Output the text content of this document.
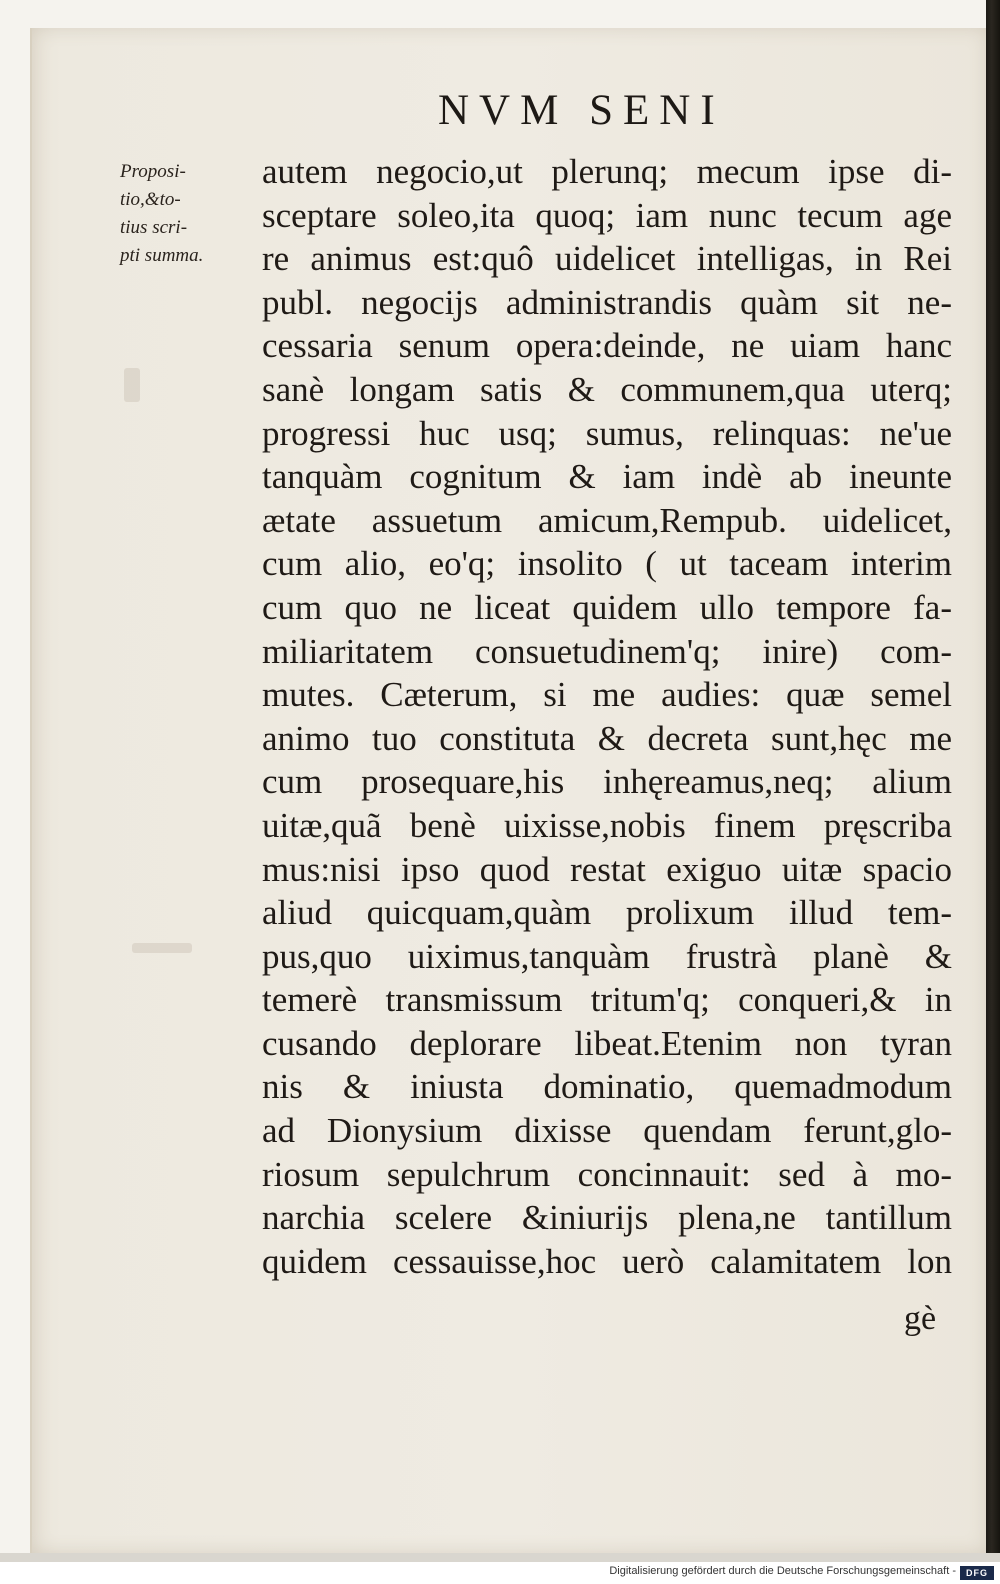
NVM SENI
Proposi-
tio,&to-
tius scri-
pti summa.
autem negocio,ut plerunq; mecum ipse di-
sceptare soleo,ita quoq; iam nunc tecum age
re animus est:quô uidelicet intelligas, in Rei
publ. negocijs administrandis quàm sit ne-
cessaria senum opera:deinde, ne uiam hanc
sanè longam satis & communem,qua uterq;
progressi huc usq; sumus, relinquas: ne'ue
tanquàm cognitum & iam indè ab ineunte
ætate assuetum amicum,Rempub. uidelicet,
cum alio, eo'q; insolito ( ut taceam interim
cum quo ne liceat quidem ullo tempore fa-
miliaritatem consuetudinem'q; inire) com-
mutes. Cæterum, si me audies: quæ semel
animo tuo constituta & decreta sunt,hęc me
cum prosequare,his inhęreamus,neq; alium
uitæ,quã benè uixisse,nobis finem pręscriba
mus:nisi ipso quod restat exiguo uitæ spacio
aliud quicquam,quàm prolixum illud tem-
pus,quo uiximus,tanquàm frustrà planè &
temerè transmissum tritum'q; conqueri,& in
cusando deplorare libeat.Etenim non tyran
nis & iniusta dominatio, quemadmodum
ad Dionysium dixisse quendam ferunt,glo-
riosum sepulchrum concinnauit: sed à mo-
narchia scelere &iniurijs plena,ne tantillum
quidem cessauisse,hoc uerò calamitatem lon
gè
Digitalisierung gefördert durch die Deutsche Forschungsgemeinschaft -	DFG
